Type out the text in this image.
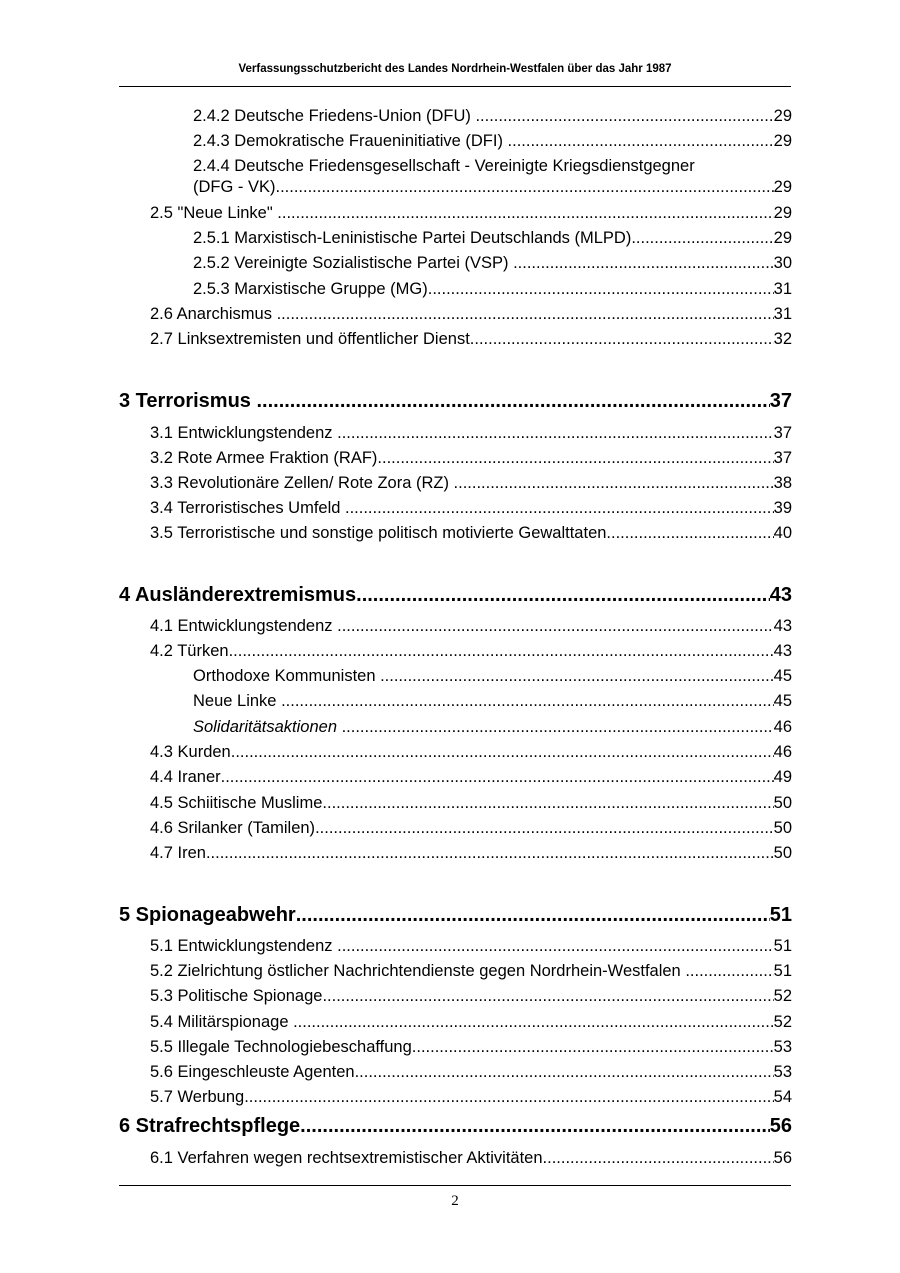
Verfassungsschutzbericht des Landes Nordrhein-Westfalen über das Jahr 1987
2.4.2 Deutsche Friedens-Union (DFU) .....	29
2.4.3 Demokratische Fraueninitiative (DFI) .....	29
2.4.4 Deutsche Friedensgesellschaft - Vereinigte Kriegsdienstgegner
(DFG - VK) .....	29
2.5 "Neue Linke" .....	29
2.5.1 Marxistisch-Leninistische Partei Deutschlands (MLPD) .....	29
2.5.2 Vereinigte Sozialistische Partei (VSP) .....	30
2.5.3 Marxistische Gruppe (MG) .....	31
2.6 Anarchismus .....	31
2.7 Linksextremisten und öffentlicher Dienst .....	32
3 Terrorismus .....	37
3.1 Entwicklungstendenz .....	37
3.2 Rote Armee Fraktion (RAF) .....	37
3.3 Revolutionäre Zellen/ Rote Zora (RZ) .....	38
3.4 Terroristisches Umfeld .....	39
3.5 Terroristische und sonstige politisch motivierte Gewalttaten .....	40
4 Ausländerextremismus .....	43
4.1 Entwicklungstendenz .....	43
4.2 Türken .....	43
Orthodoxe Kommunisten .....	45
Neue Linke .....	45
Solidaritätsaktionen .....	46
4.3 Kurden .....	46
4.4 Iraner .....	49
4.5 Schiitische Muslime .....	50
4.6 Srilanker (Tamilen) .....	50
4.7 Iren .....	50
5 Spionageabwehr .....	51
5.1 Entwicklungstendenz .....	51
5.2 Zielrichtung östlicher Nachrichtendienste gegen Nordrhein-Westfalen .....	51
5.3 Politische Spionage .....	52
5.4 Militärspionage .....	52
5.5 Illegale Technologiebeschaffung .....	53
5.6 Eingeschleuste Agenten .....	53
5.7 Werbung .....	54
6 Strafrechtspflege .....	56
6.1 Verfahren wegen rechtsextremistischer Aktivitäten .....	56
2
